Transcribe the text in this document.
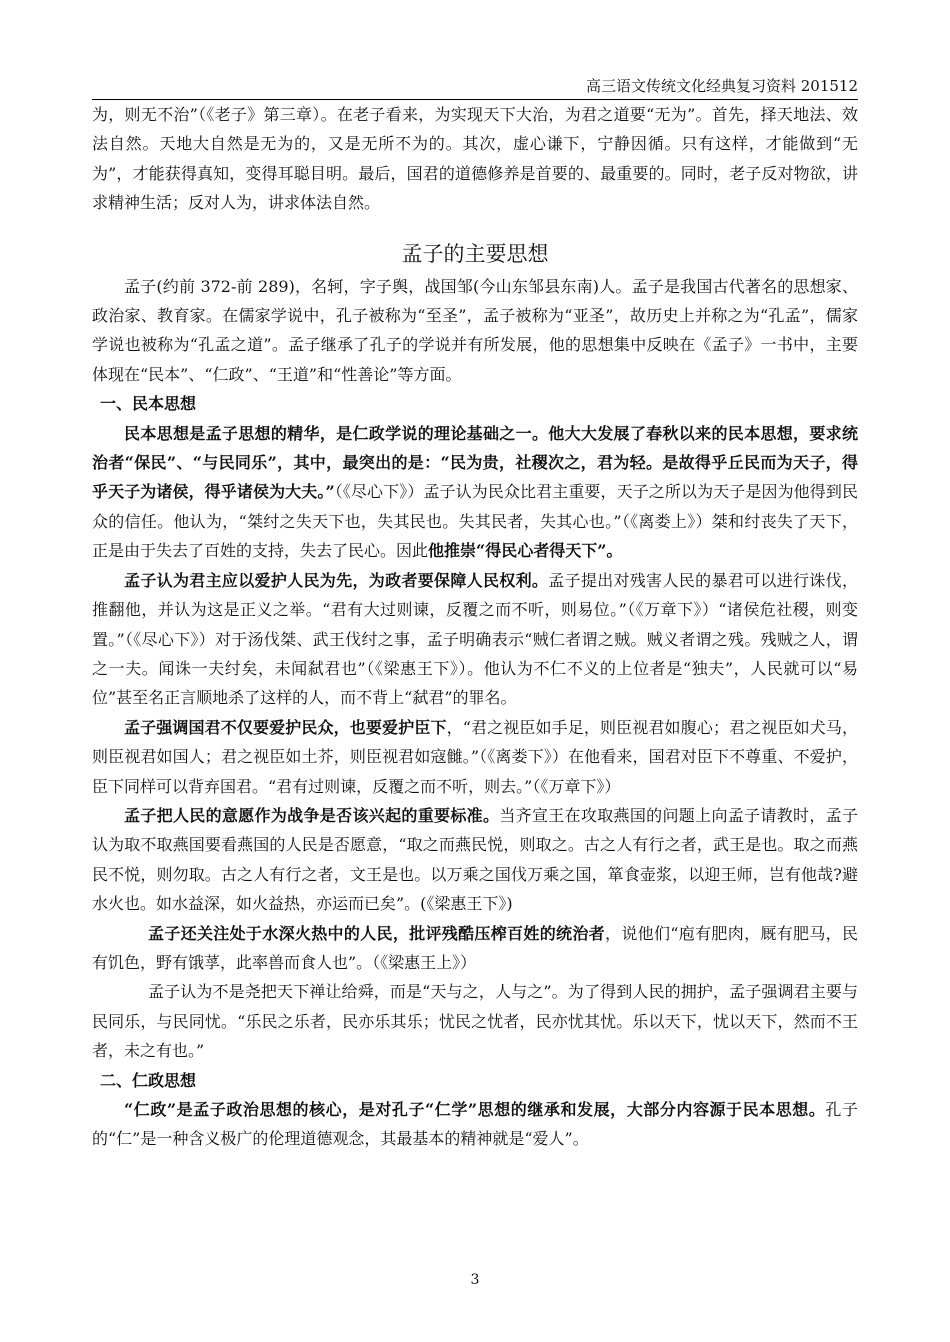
高三语文传统文化经典复习资料 201512

为，则无不治”（《老子》第三章）。在老子看来，为实现天下大治，为君之道要“无为”。首先，择天地法、效法自然。天地大自然是无为的，又是无所不为的。其次，虚心谦下，宁静因循。只有这样，才能做到“无为”，才能获得真知，变得耳聪目明。最后，国君的道德修养是首要的、最重要的。同时，老子反对物欲，讲求精神生活；反对人为，讲求体法自然。

孟子的主要思想

孟子(约前 372-前 289)，名轲，字子舆，战国邹(今山东邹县东南)人。孟子是我国古代著名的思想家、政治家、教育家。在儒家学说中，孔子被称为“至圣”，孟子被称为“亚圣”，故历史上并称之为“孔孟”，儒家学说也被称为“孔孟之道”。孟子继承了孔子的学说并有所发展，他的思想集中反映在《孟子》一书中，主要体现在“民本”、“仁政”、“王道”和“性善论”等方面。

一、民本思想

民本思想是孟子思想的精华，是仁政学说的理论基础之一。他大大发展了春秋以来的民本思想，要求统治者“保民”、“与民同乐”，其中，最突出的是：“民为贵，社稷次之，君为轻。是故得乎丘民而为天子，得乎天子为诸侯，得乎诸侯为大夫。”（《尽心下》）孟子认为民众比君主重要，天子之所以为天子是因为他得到民众的信任。他认为，“桀纣之失天下也，失其民也。失其民者，失其心也。”（《离娄上》）桀和纣丧失了天下，正是由于失去了百姓的支持，失去了民心。因此他推崇“得民心者得天下”。

孟子认为君主应以爱护人民为先，为政者要保障人民权利。孟子提出对残害人民的暴君可以进行诛伐，推翻他，并认为这是正义之举。“君有大过则谏，反覆之而不听，则易位。”（《万章下》）“诸侯危社稷，则变置。”（《尽心下》）对于汤伐桀、武王伐纣之事，孟子明确表示“贼仁者谓之贼。贼义者谓之残。残贼之人，谓之一夫。闻诛一夫纣矣，未闻弑君也”（《梁惠王下》）。他认为不仁不义的上位者是“独夫”，人民就可以“易位”甚至名正言顺地杀了这样的人，而不背上“弑君”的罪名。

孟子强调国君不仅要爱护民众，也要爱护臣下，“君之视臣如手足，则臣视君如腹心；君之视臣如犬马，则臣视君如国人；君之视臣如土芥，则臣视君如寇雠。”（《离娄下》）在他看来，国君对臣下不尊重、不爱护，臣下同样可以背弃国君。“君有过则谏，反覆之而不听，则去。”（《万章下》）

孟子把人民的意愿作为战争是否该兴起的重要标准。当齐宣王在攻取燕国的问题上向孟子请教时，孟子认为取不取燕国要看燕国的人民是否愿意，“取之而燕民悦，则取之。古之人有行之者，武王是也。取之而燕民不悦，则勿取。古之人有行之者，文王是也。以万乘之国伐万乘之国，箪食壶浆，以迎王师，岂有他哉?避水火也。如水益深，如火益热，亦运而已矣”。(《梁惠王下》)

孟子还关注处于水深火热中的人民，批评残酷压榨百姓的统治者，说他们“庖有肥肉，厩有肥马，民有饥色，野有饿莩，此率兽而食人也”。（《梁惠王上》）

孟子认为不是尧把天下禅让给舜，而是“天与之，人与之”。为了得到人民的拥护，孟子强调君主要与民同乐，与民同忧。“乐民之乐者，民亦乐其乐；忧民之忧者，民亦忧其忧。乐以天下，忧以天下，然而不王者，未之有也。”

二、仁政思想

“仁政”是孟子政治思想的核心，是对孔子“仁学”思想的继承和发展，大部分内容源于民本思想。孔子的“仁”是一种含义极广的伦理道德观念，其最基本的精神就是“爱人”。

3
